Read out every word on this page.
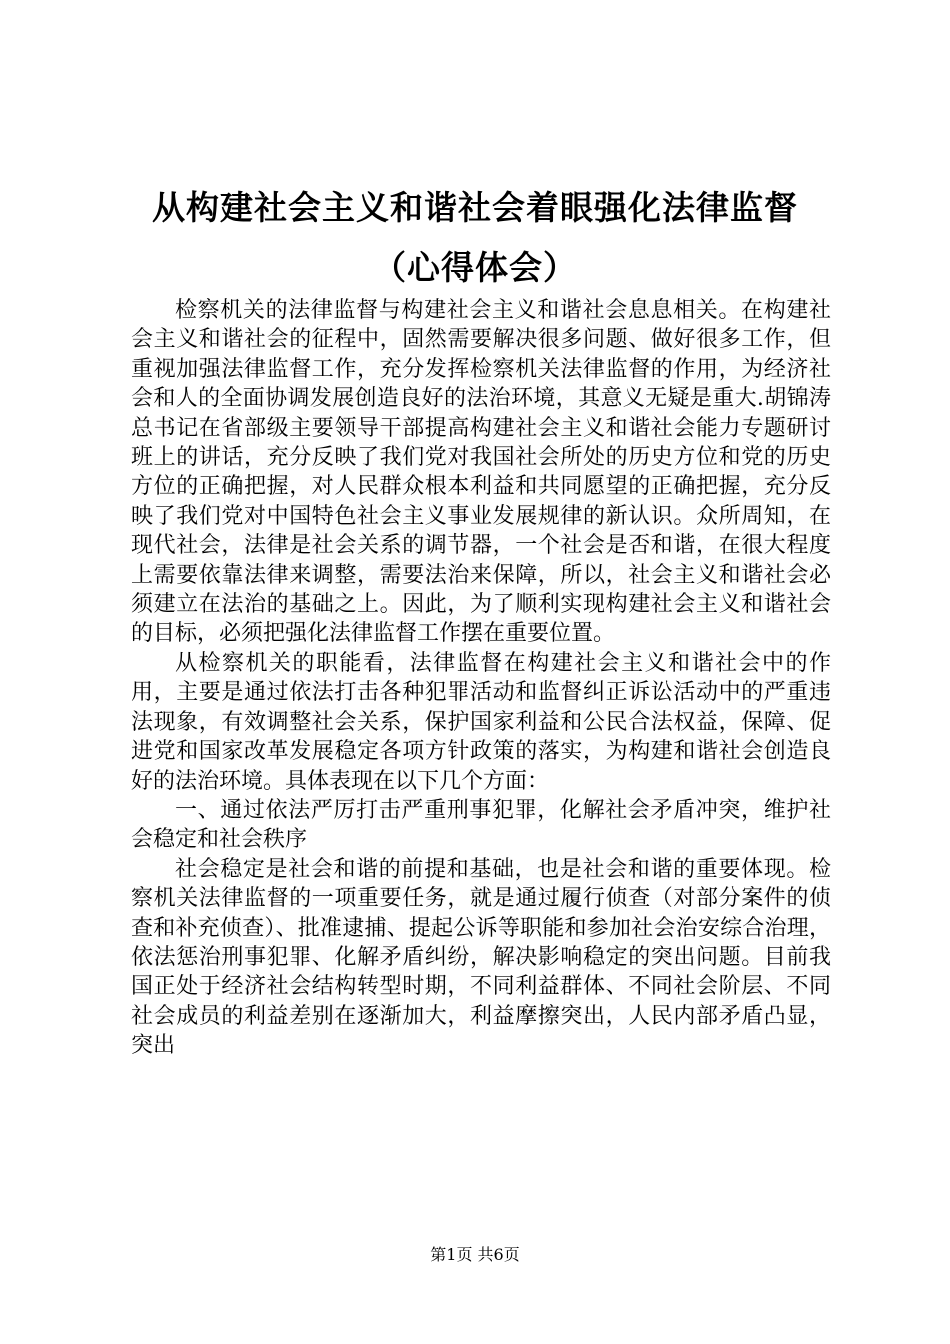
从构建社会主义和谐社会着眼强化法律监督
（心得体会）

检察机关的法律监督与构建社会主义和谐社会息息相关。在构建社会主义和谐社会的征程中，固然需要解决很多问题、做好很多工作，但重视加强法律监督工作，充分发挥检察机关法律监督的作用，为经济社会和人的全面协调发展创造良好的法治环境，其意义无疑是重大.胡锦涛总书记在省部级主要领导干部提高构建社会主义和谐社会能力专题研讨班上的讲话，充分反映了我们党对我国社会所处的历史方位和党的历史方位的正确把握，对人民群众根本利益和共同愿望的正确把握，充分反映了我们党对中国特色社会主义事业发展规律的新认识。众所周知，在现代社会，法律是社会关系的调节器，一个社会是否和谐，在很大程度上需要依靠法律来调整，需要法治来保障，所以，社会主义和谐社会必须建立在法治的基础之上。因此，为了顺利实现构建社会主义和谐社会的目标，必须把强化法律监督工作摆在重要位置。

从检察机关的职能看，法律监督在构建社会主义和谐社会中的作用，主要是通过依法打击各种犯罪活动和监督纠正诉讼活动中的严重违法现象，有效调整社会关系，保护国家利益和公民合法权益，保障、促进党和国家改革发展稳定各项方针政策的落实，为构建和谐社会创造良好的法治环境。具体表现在以下几个方面：

一、通过依法严厉打击严重刑事犯罪，化解社会矛盾冲突，维护社会稳定和社会秩序

社会稳定是社会和谐的前提和基础，也是社会和谐的重要体现。检察机关法律监督的一项重要任务，就是通过履行侦查（对部分案件的侦查和补充侦查）、批准逮捕、提起公诉等职能和参加社会治安综合治理，依法惩治刑事犯罪、化解矛盾纠纷，解决影响稳定的突出问题。目前我国正处于经济社会结构转型时期，不同利益群体、不同社会阶层、不同社会成员的利益差别在逐渐加大，利益摩擦突出，人民内部矛盾凸显，突出

第1页 共6页
